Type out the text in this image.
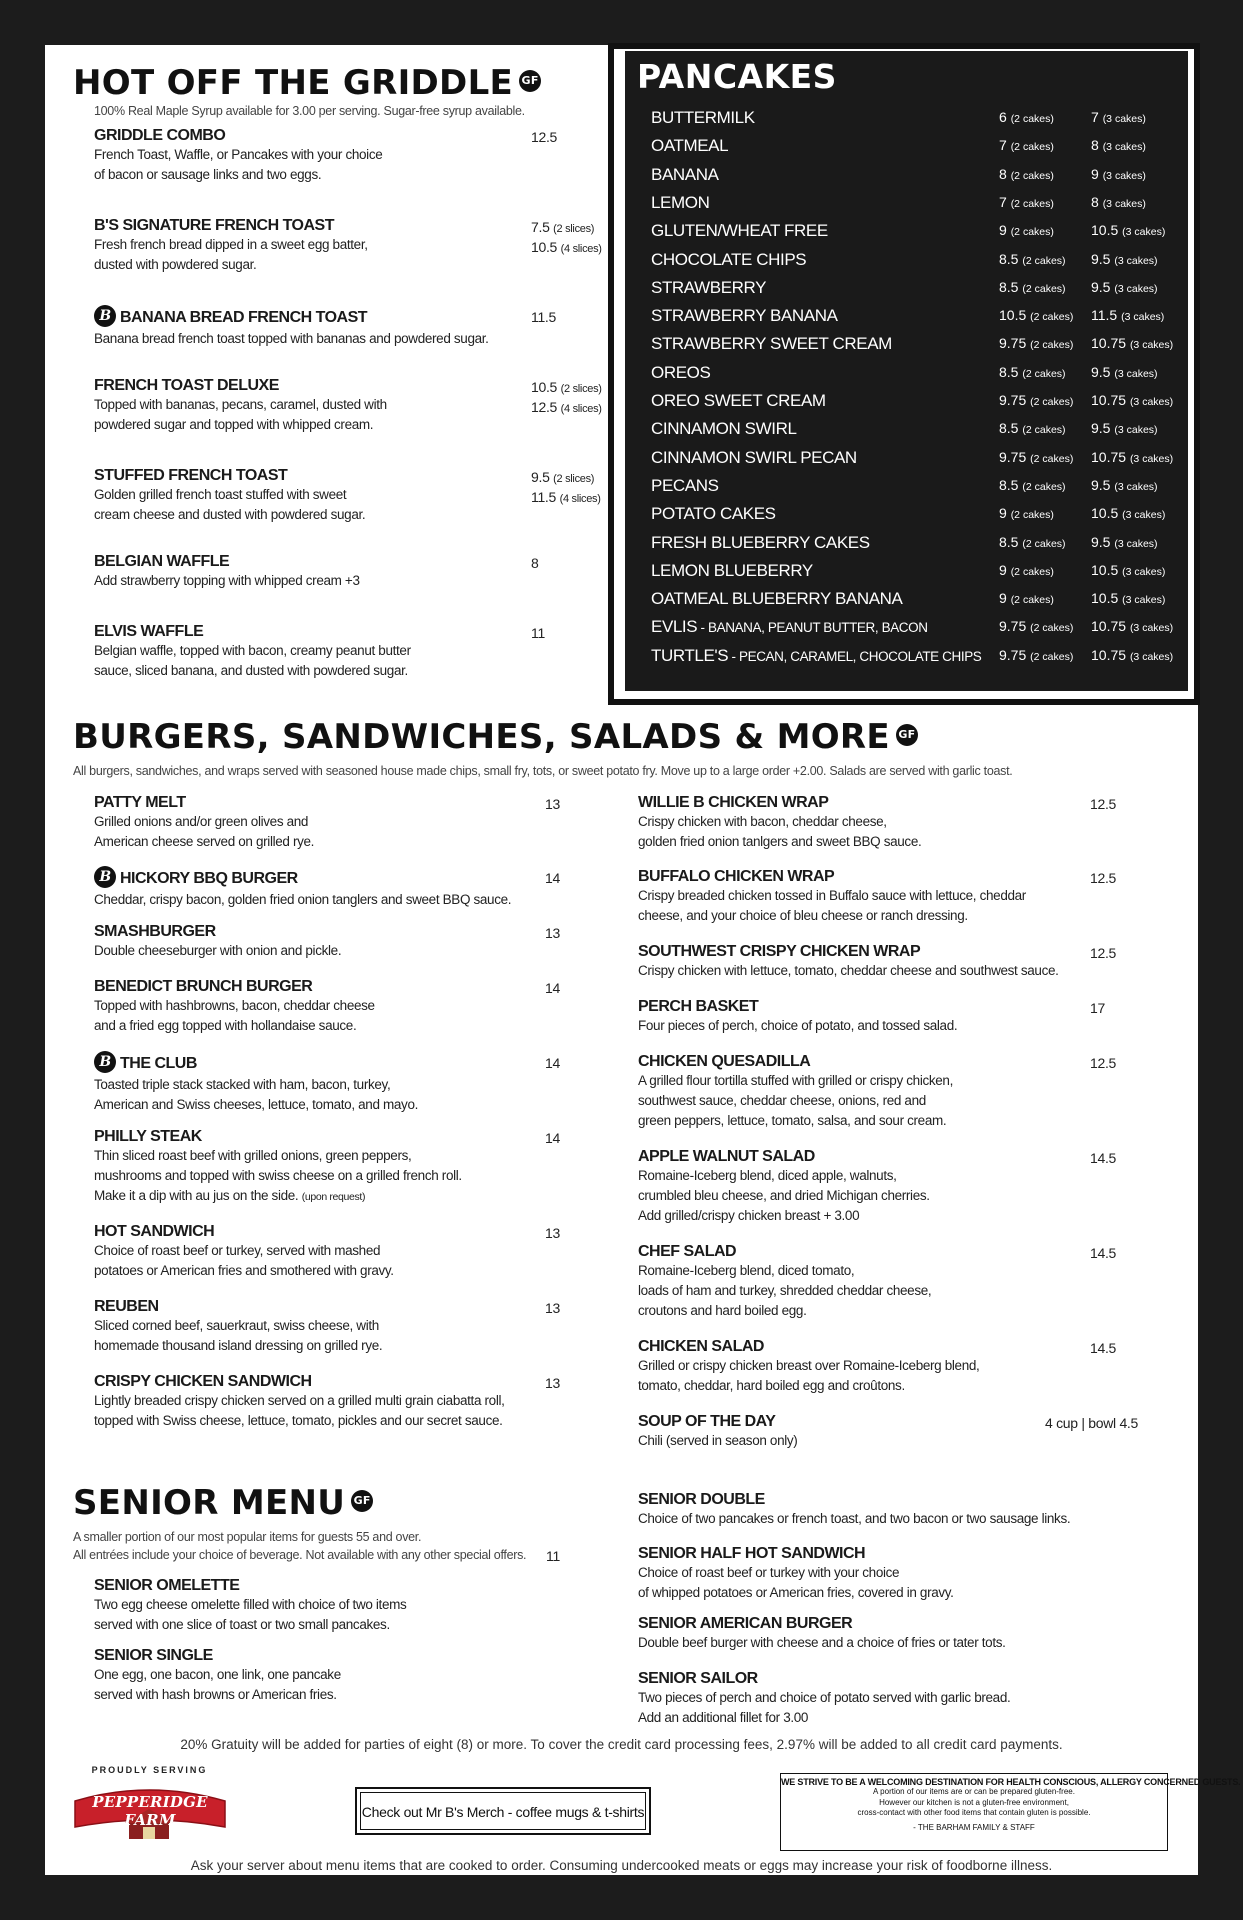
HOT OFF THE GRIDDLE GF
100% Real Maple Syrup available for 3.00 per serving. Sugar-free syrup available.
GRIDDLE COMBO
French Toast, Waffle, or Pancakes with your choice
of bacon or sausage links and two eggs.
12.5
B'S SIGNATURE FRENCH TOAST
Fresh french bread dipped in a sweet egg batter,
dusted with powdered sugar.
7.5 (2 slices)
10.5 (4 slices)
B BANANA BREAD FRENCH TOAST
Banana bread french toast topped with bananas and powdered sugar.
11.5
FRENCH TOAST DELUXE
Topped with bananas, pecans, caramel, dusted with
powdered sugar and topped with whipped cream.
10.5 (2 slices)
12.5 (4 slices)
STUFFED FRENCH TOAST
Golden grilled french toast stuffed with sweet
cream cheese and dusted with powdered sugar.
9.5 (2 slices)
11.5 (4 slices)
BELGIAN WAFFLE
Add strawberry topping with whipped cream +3
8
ELVIS WAFFLE
Belgian waffle, topped with bacon, creamy peanut butter
sauce, sliced banana, and dusted with powdered sugar.
11
PANCAKES
BUTTERMILK	6 (2 cakes)	7 (3 cakes)
OATMEAL	7 (2 cakes)	8 (3 cakes)
BANANA	8 (2 cakes)	9 (3 cakes)
LEMON	7 (2 cakes)	8 (3 cakes)
GLUTEN/WHEAT FREE	9 (2 cakes)	10.5 (3 cakes)
CHOCOLATE CHIPS	8.5 (2 cakes) 9.5 (3 cakes)
STRAWBERRY	8.5 (2 cakes) 9.5 (3 cakes)
STRAWBERRY BANANA	10.5 (2 cakes) 11.5 (3 cakes)
STRAWBERRY SWEET CREAM	9.75 (2 cakes) 10.75 (3 cakes)
OREOS	8.5 (2 cakes) 9.5 (3 cakes)
OREO SWEET CREAM	9.75 (2 cakes) 10.75 (3 cakes)
CINNAMON SWIRL	8.5 (2 cakes) 9.5 (3 cakes)
CINNAMON SWIRL PECAN	9.75 (2 cakes) 10.75 (3 cakes)
PECANS	8.5 (2 cakes) 9.5 (3 cakes)
POTATO CAKES	9 (2 cakes)	10.5 (3 cakes)
FRESH BLUEBERRY CAKES	8.5 (2 cakes) 9.5 (3 cakes)
LEMON BLUEBERRY	9 (2 cakes)	10.5 (3 cakes)
OATMEAL BLUEBERRY BANANA	9 (2 cakes)	10.5 (3 cakes)
EVLIS - BANANA, PEANUT BUTTER, BACON	9.75 (2 cakes) 10.75 (3 cakes)
TURTLE'S - PECAN, CARAMEL, CHOCOLATE CHIPS 9.75 (2 cakes) 10.75 (3 cakes)
BURGERS, SANDWICHES, SALADS & MORE GF
All burgers, sandwiches, and wraps served with seasoned house made chips, small fry, tots, or sweet potato fry. Move up to a large order +2.00. Salads are served with garlic toast.
PATTY MELT
Grilled onions and/or green olives and
American cheese served on grilled rye.
13
B HICKORY BBQ BURGER
Cheddar, crispy bacon, golden fried onion tanglers and sweet BBQ sauce.
14
SMASHBURGER
Double cheeseburger with onion and pickle.
13
BENEDICT BRUNCH BURGER
Topped with hashbrowns, bacon, cheddar cheese
and a fried egg topped with hollandaise sauce.
14
B THE CLUB
Toasted triple stack stacked with ham, bacon, turkey,
American and Swiss cheeses, lettuce, tomato, and mayo.
14
PHILLY STEAK
Thin sliced roast beef with grilled onions, green peppers,
mushrooms and topped with swiss cheese on a grilled french roll.
Make it a dip with au jus on the side. (upon request)
14
HOT SANDWICH
Choice of roast beef or turkey, served with mashed
potatoes or American fries and smothered with gravy.
13
REUBEN
Sliced corned beef, sauerkraut, swiss cheese, with
homemade thousand island dressing on grilled rye.
13
CRISPY CHICKEN SANDWICH
Lightly breaded crispy chicken served on a grilled multi grain ciabatta roll,
topped with Swiss cheese, lettuce, tomato, pickles and our secret sauce.
13
WILLIE B CHICKEN WRAP
Crispy chicken with bacon, cheddar cheese,
golden fried onion tanlgers and sweet BBQ sauce.
12.5
BUFFALO CHICKEN WRAP
Crispy breaded chicken tossed in Buffalo sauce with lettuce, cheddar
cheese, and your choice of bleu cheese or ranch dressing.
12.5
SOUTHWEST CRISPY CHICKEN WRAP
Crispy chicken with lettuce, tomato, cheddar cheese and southwest sauce.
12.5
PERCH BASKET
Four pieces of perch, choice of potato, and tossed salad.
17
CHICKEN QUESADILLA
A grilled flour tortilla stuffed with grilled or crispy chicken,
southwest sauce, cheddar cheese, onions, red and
green peppers, lettuce, tomato, salsa, and sour cream.
12.5
APPLE WALNUT SALAD
Romaine-Iceberg blend, diced apple, walnuts,
crumbled bleu cheese, and dried Michigan cherries.
Add grilled/crispy chicken breast + 3.00
14.5
CHEF SALAD
Romaine-Iceberg blend, diced tomato,
loads of ham and turkey, shredded cheddar cheese,
croutons and hard boiled egg.
14.5
CHICKEN SALAD
Grilled or crispy chicken breast over Romaine-Iceberg blend,
tomato, cheddar, hard boiled egg and croûtons.
14.5
SOUP OF THE DAY
Chili (served in season only)
4 cup | bowl 4.5
SENIOR MENU GF
A smaller portion of our most popular items for guests 55 and over.
All entrées include your choice of beverage. Not available with any other special offers. 11
SENIOR OMELETTE
Two egg cheese omelette filled with choice of two items
served with one slice of toast or two small pancakes.
SENIOR SINGLE
One egg, one bacon, one link, one pancake
served with hash browns or American fries.
SENIOR DOUBLE
Choice of two pancakes or french toast, and two bacon or two sausage links.
SENIOR HALF HOT SANDWICH
Choice of roast beef or turkey with your choice
of whipped potatoes or American fries, covered in gravy.
SENIOR AMERICAN BURGER
Double beef burger with cheese and a choice of fries or tater tots.
SENIOR SAILOR
Two pieces of perch and choice of potato served with garlic bread.
Add an additional fillet for 3.00
20% Gratuity will be added for parties of eight (8) or more. To cover the credit card processing fees, 2.97% will be added to all credit card payments.
PROUDLY SERVING
PEPPERIDGE FARM	Check out Mr B's Merch - coffee mugs & t-shirts
WE STRIVE TO BE A WELCOMING DESTINATION FOR HEALTH CONSCIOUS, ALLERGY CONCERNED GUESTS.
A portion of our items are or can be prepared gluten-free.
However our kitchen is not a gluten-free environment,
cross-contact with other food items that contain gluten is possible.
- THE BARHAM FAMILY & STAFF
Ask your server about menu items that are cooked to order. Consuming undercooked meats or eggs may increase your risk of foodborne illness.
